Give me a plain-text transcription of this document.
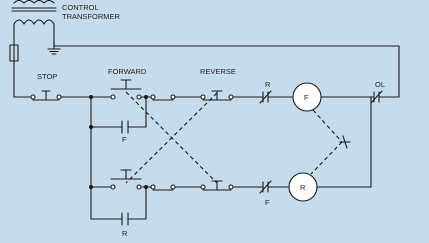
CONTROL
TRANSFORMER
STOP
FORWARD	REVERSE
R
F
OL
F
F
R
R
